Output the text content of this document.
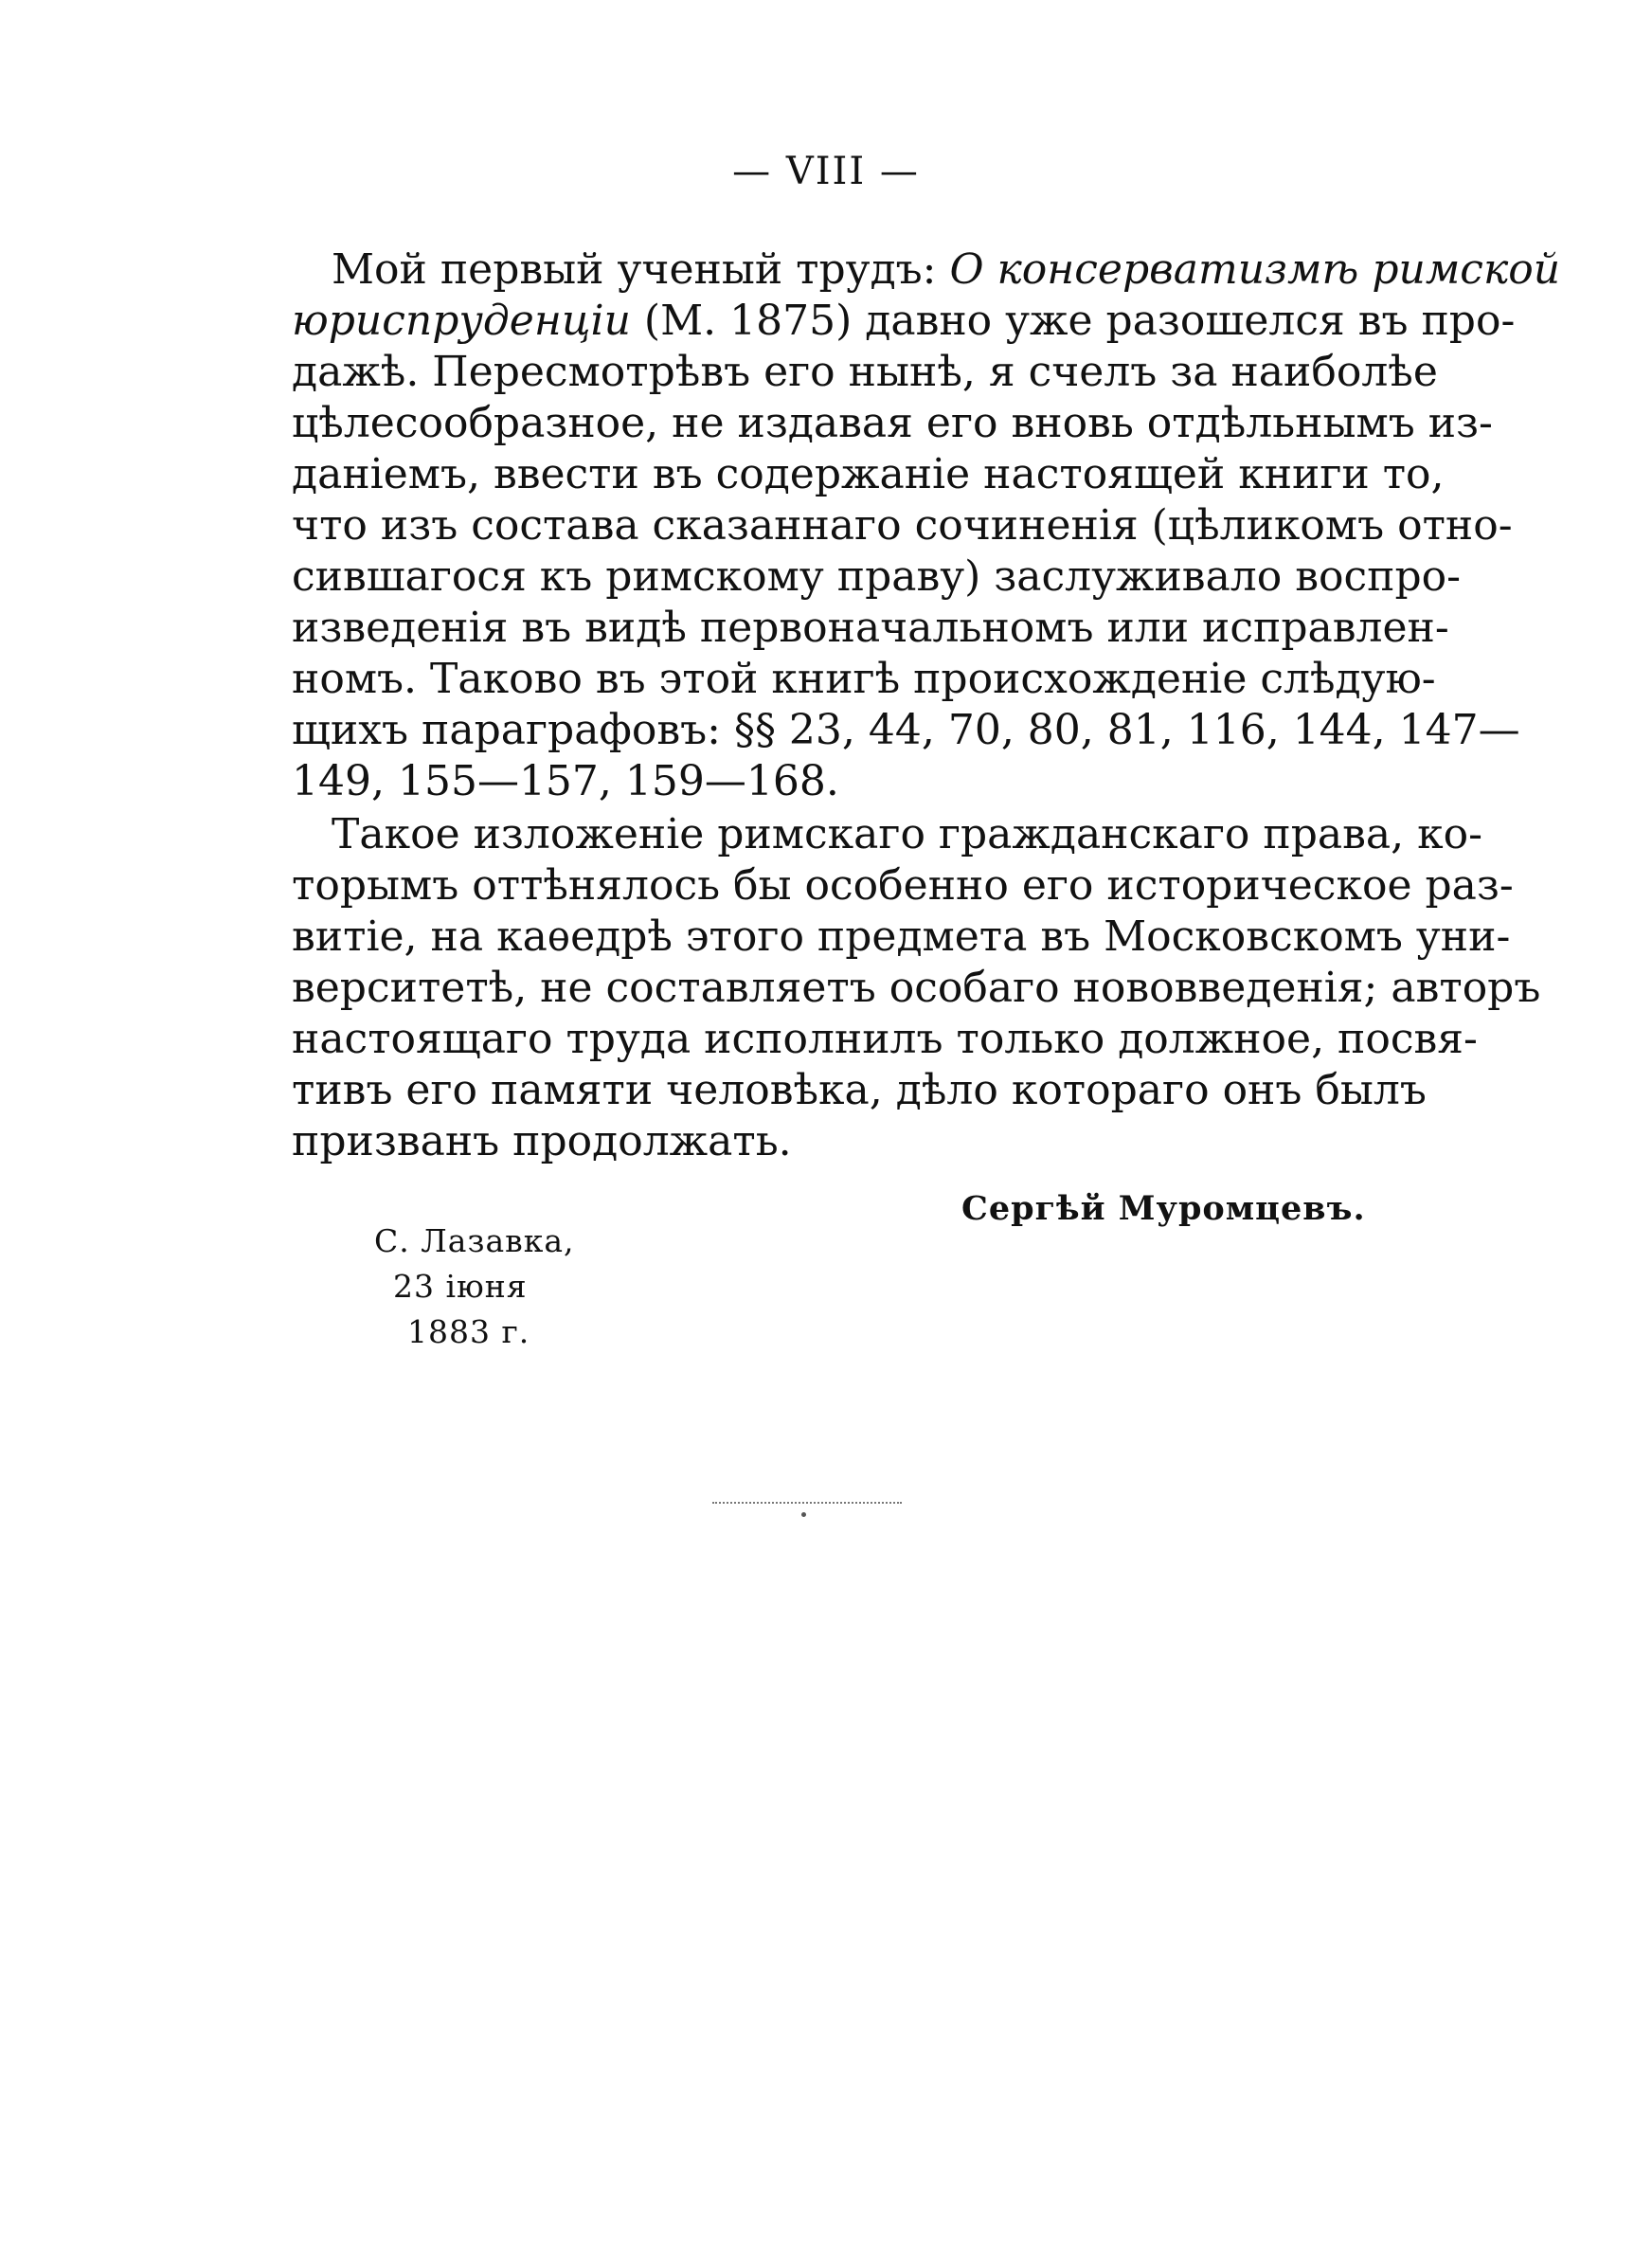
— VIII —
Мой первый ученый трудъ: О консерватизмѣ римской
юриспруденціи (М. 1875) давно уже разошелся въ про-
дажѣ. Пересмотрѣвъ его нынѣ, я счелъ за наиболѣе
цѣлесообразное, не издавая его вновь отдѣльнымъ из-
даніемъ, ввести въ содержаніе настоящей книги то,
что изъ состава сказаннаго сочиненія (цѣликомъ отно-
сившагося къ римскому праву) заслуживало воспро-
изведенія въ видѣ первоначальномъ или исправлен-
номъ. Таково въ этой книгѣ происхожденіе слѣдую-
щихъ параграфовъ: §§ 23, 44, 70, 80, 81, 116, 144, 147—
149, 155—157, 159—168.
Такое изложеніе римскаго гражданскаго права, ко-
торымъ оттѣнялось бы особенно его историческое раз-
витіе, на каѳедрѣ этого предмета въ Московскомъ уни-
верситетѣ, не составляетъ особаго нововведенія; авторъ
настоящаго труда исполнилъ только должное, посвя-
тивъ его памяти человѣка, дѣло котораго онъ былъ
призванъ продолжать.
Сергѣй Муромцевъ.
С. Лазавка,
23 іюня
1883 г.
